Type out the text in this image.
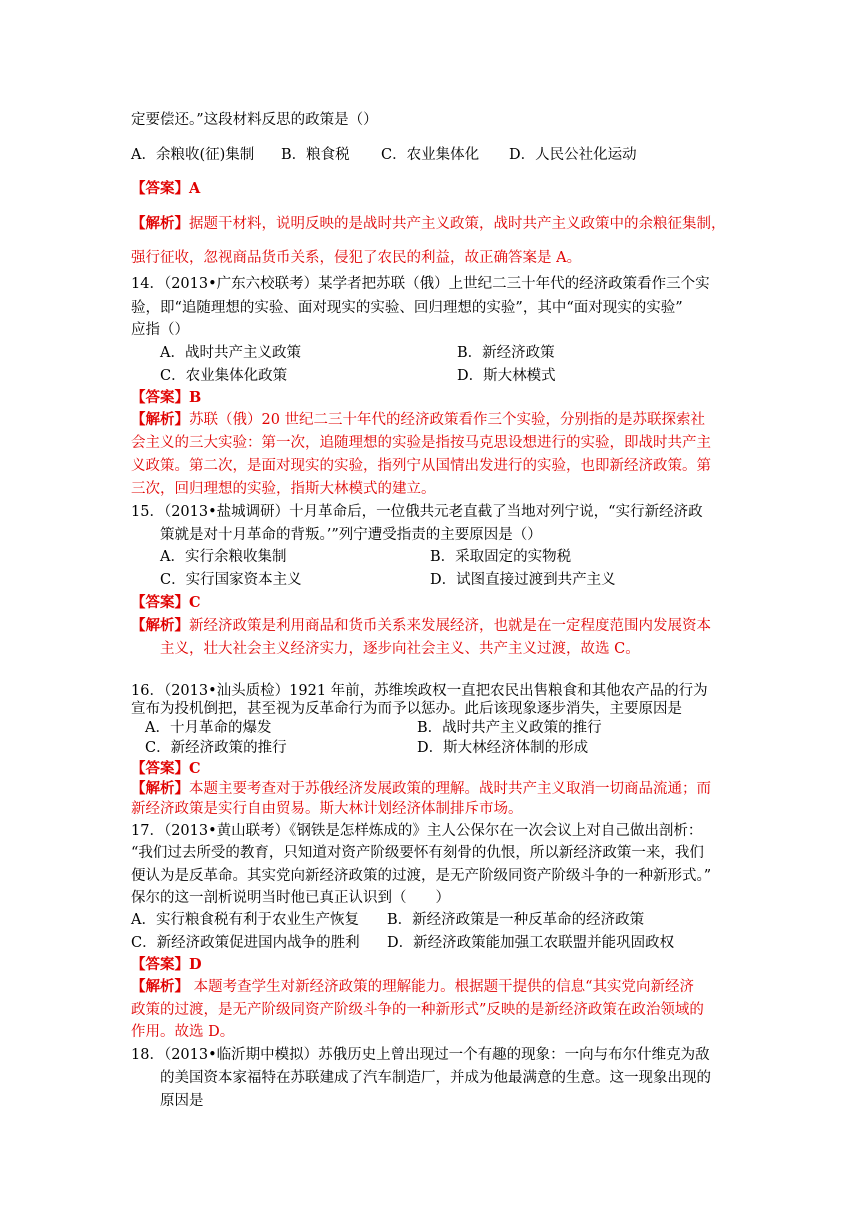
定要偿还。”这段材料反思的政策是（）
A．余粮收(征)集制 B．粮食税 C．农业集体化 D．人民公社化运动
【答案】A
【解析】据题干材料，说明反映的是战时共产主义政策，战时共产主义政策中的余粮征集制，
强行征收，忽视商品货币关系，侵犯了农民的利益，故正确答案是 A。
14．（2013•广东六校联考）某学者把苏联（俄）上世纪二三十年代的经济政策看作三个实
验，即“追随理想的实验、面对现实的实验、回归理想的实验”，其中“面对现实的实验”
应指（）
A．战时共产主义政策	B．新经济政策
C．农业集体化政策	D．斯大林模式
【答案】B
【解析】苏联（俄）20 世纪二三十年代的经济政策看作三个实验，分别指的是苏联探索社
会主义的三大实验：第一次，追随理想的实验是指按马克思设想进行的实验，即战时共产主
义政策。第二次，是面对现实的实验，指列宁从国情出发进行的实验，也即新经济政策。第
三次，回归理想的实验，指斯大林模式的建立。
15．（2013•盐城调研）十月革命后，一位俄共元老直截了当地对列宁说，“实行新经济政
策就是对十月革命的背叛。’”列宁遭受指责的主要原因是（）
A．实行余粮收集制	B．采取固定的实物税
C．实行国家资本主义	D．试图直接过渡到共产主义
【答案】C
【解析】新经济政策是利用商品和货币关系来发展经济，也就是在一定程度范围内发展资本
主义，壮大社会主义经济实力，逐步向社会主义、共产主义过渡，故选 C。
16．（2013•汕头质检）1921 年前，苏维埃政权一直把农民出售粮食和其他农产品的行为
宣布为投机倒把，甚至视为反革命行为而予以惩办。此后该现象逐步消失，主要原因是
A．十月革命的爆发	B．战时共产主义政策的推行
C．新经济政策的推行	D．斯大林经济体制的形成
【答案】C
【解析】本题主要考查对于苏俄经济发展政策的理解。战时共产主义取消一切商品流通；而
新经济政策是实行自由贸易。斯大林计划经济体制排斥市场。
17．（2013•黄山联考）《钢铁是怎样炼成的》主人公保尔在一次会议上对自己做出剖析：
“我们过去所受的教育，只知道对资产阶级要怀有刻骨的仇恨，所以新经济政策一来，我们
便认为是反革命。其实党向新经济政策的过渡，是无产阶级同资产阶级斗争的一种新形式。”
保尔的这一剖析说明当时他已真正认识到（　　）
A．实行粮食税有利于农业生产恢复 B．新经济政策是一种反革命的经济政策
C．新经济政策促进国内战争的胜利 D．新经济政策能加强工农联盟并能巩固政权
【答案】D
【解析】 本题考查学生对新经济政策的理解能力。根据题干提供的信息“其实党向新经济
政策的过渡，是无产阶级同资产阶级斗争的一种新形式”反映的是新经济政策在政治领域的
作用。故选 D。
18．（2013•临沂期中模拟）苏俄历史上曾出现过一个有趣的现象：一向与布尔什维克为敌
的美国资本家福特在苏联建成了汽车制造厂，并成为他最满意的生意。这一现象出现的
原因是
